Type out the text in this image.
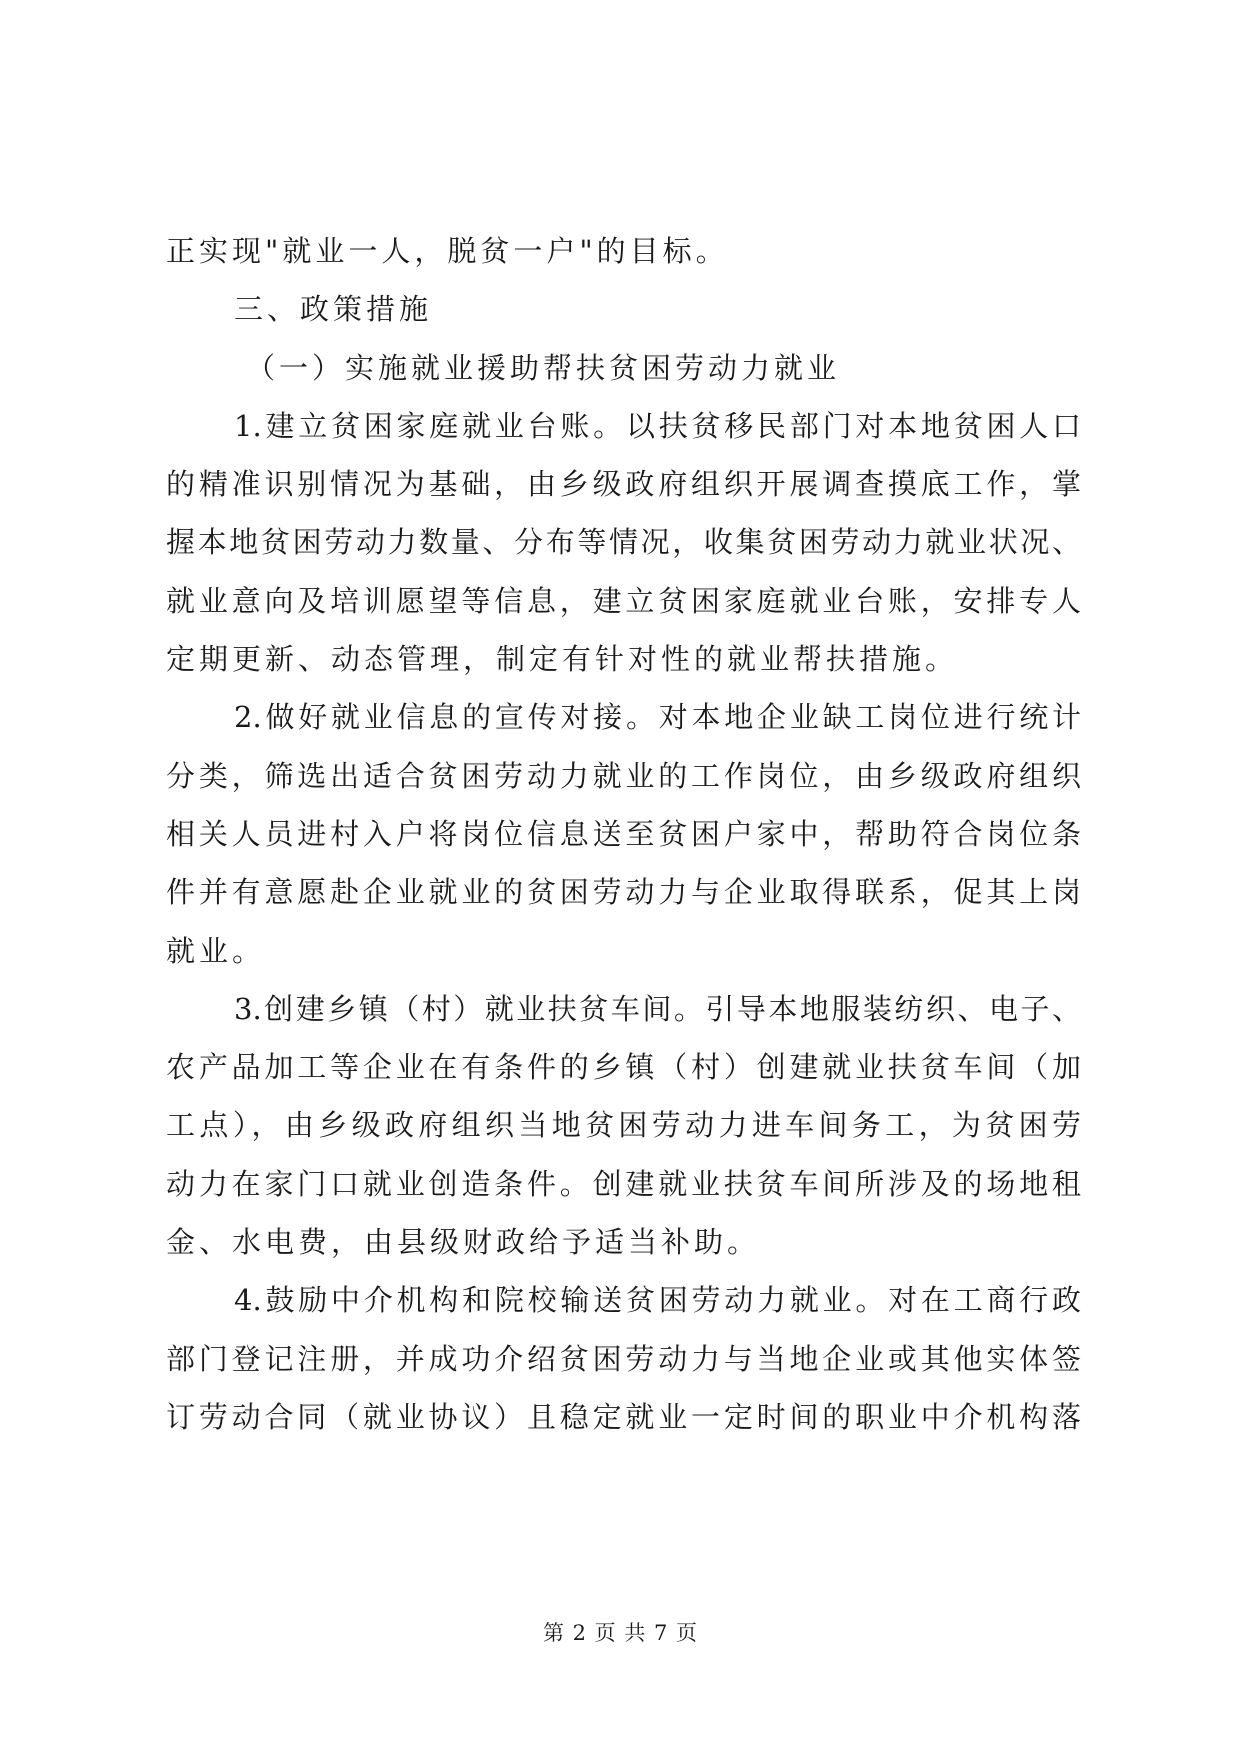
正实现"就业一人，脱贫一户"的目标。
三、政策措施
（一）实施就业援助帮扶贫困劳动力就业
1.建立贫困家庭就业台账。以扶贫移民部门对本地贫困人口
的精准识别情况为基础，由乡级政府组织开展调查摸底工作，掌
握本地贫困劳动力数量、分布等情况，收集贫困劳动力就业状况、
就业意向及培训愿望等信息，建立贫困家庭就业台账，安排专人
定期更新、动态管理，制定有针对性的就业帮扶措施。
2.做好就业信息的宣传对接。对本地企业缺工岗位进行统计
分类，筛选出适合贫困劳动力就业的工作岗位，由乡级政府组织
相关人员进村入户将岗位信息送至贫困户家中，帮助符合岗位条
件并有意愿赴企业就业的贫困劳动力与企业取得联系，促其上岗
就业。
3.创建乡镇（村）就业扶贫车间。引导本地服装纺织、电子、
农产品加工等企业在有条件的乡镇（村）创建就业扶贫车间（加
工点），由乡级政府组织当地贫困劳动力进车间务工，为贫困劳
动力在家门口就业创造条件。创建就业扶贫车间所涉及的场地租
金、水电费，由县级财政给予适当补助。
4.鼓励中介机构和院校输送贫困劳动力就业。对在工商行政
部门登记注册，并成功介绍贫困劳动力与当地企业或其他实体签
订劳动合同（就业协议）且稳定就业一定时间的职业中介机构落
第 2 页 共 7 页
